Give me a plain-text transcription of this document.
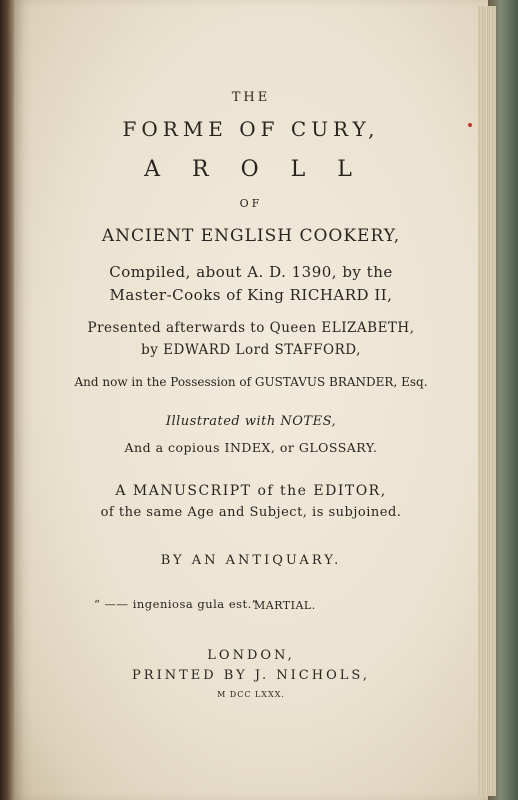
THE
FORME OF CURY,
A  R  O  L  L
OF
ANCIENT ENGLISH COOKERY,
Compiled, about A. D. 1390, by the
Master-Cooks of King RICHARD II,
Presented afterwards to Queen ELIZABETH,
by EDWARD Lord STAFFORD,
And now in the Possession of GUSTAVUS BRANDER, Esq.
Illustrated with NOTES,
And a copious INDEX, or GLOSSARY.
A MANUSCRIPT of the EDITOR,
of the same Age and Subject, is subjoined.
BY AN ANTIQUARY.
“ —— ingeniosa gula est.”
MARTIAL.
LONDON,
PRINTED BY J. NICHOLS,
M DCC LXXX.
